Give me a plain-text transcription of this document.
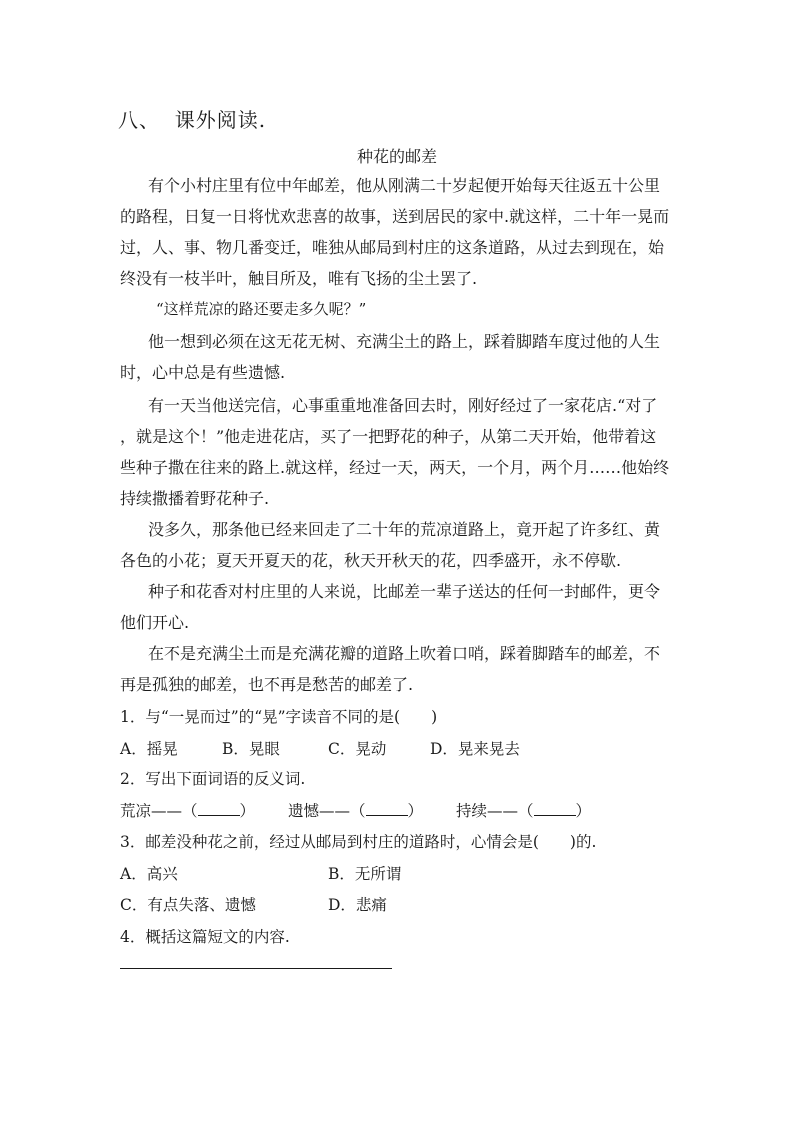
八、 课外阅读.
种花的邮差
有个小村庄里有位中年邮差，他从刚满二十岁起便开始每天往返五十公里
的路程，日复一日将忧欢悲喜的故事，送到居民的家中.就这样，二十年一晃而
过，人、事、物几番变迁，唯独从邮局到村庄的这条道路，从过去到现在，始
终没有一枝半叶，触目所及，唯有飞扬的尘土罢了.
“这样荒凉的路还要走多久呢？”
他一想到必须在这无花无树、充满尘土的路上，踩着脚踏车度过他的人生
时，心中总是有些遗憾.
有一天当他送完信，心事重重地准备回去时，刚好经过了一家花店.“对了
，就是这个！”他走进花店，买了一把野花的种子，从第二天开始，他带着这
些种子撒在往来的路上.就这样，经过一天，两天，一个月，两个月……他始终
持续撒播着野花种子.
没多久，那条他已经来回走了二十年的荒凉道路上，竟开起了许多红、黄
各色的小花；夏天开夏天的花，秋天开秋天的花，四季盛开，永不停歇.
种子和花香对村庄里的人来说，比邮差一辈子送达的任何一封邮件，更令
他们开心.
在不是充满尘土而是充满花瓣的道路上吹着口哨，踩着脚踏车的邮差，不
再是孤独的邮差，也不再是愁苦的邮差了.
1．与“一晃而过”的“晃”字读音不同的是(　　)
A．摇晃	B．晃眼	C．晃动	D．晃来晃去
2．写出下面词语的反义词.
荒凉——（	） 遗憾——（	） 持续——（	）
3．邮差没种花之前，经过从邮局到村庄的道路时，心情会是(　　)的.
A．高兴	B．无所谓
C．有点失落、遗憾	D．悲痛
4．概括这篇短文的内容.
